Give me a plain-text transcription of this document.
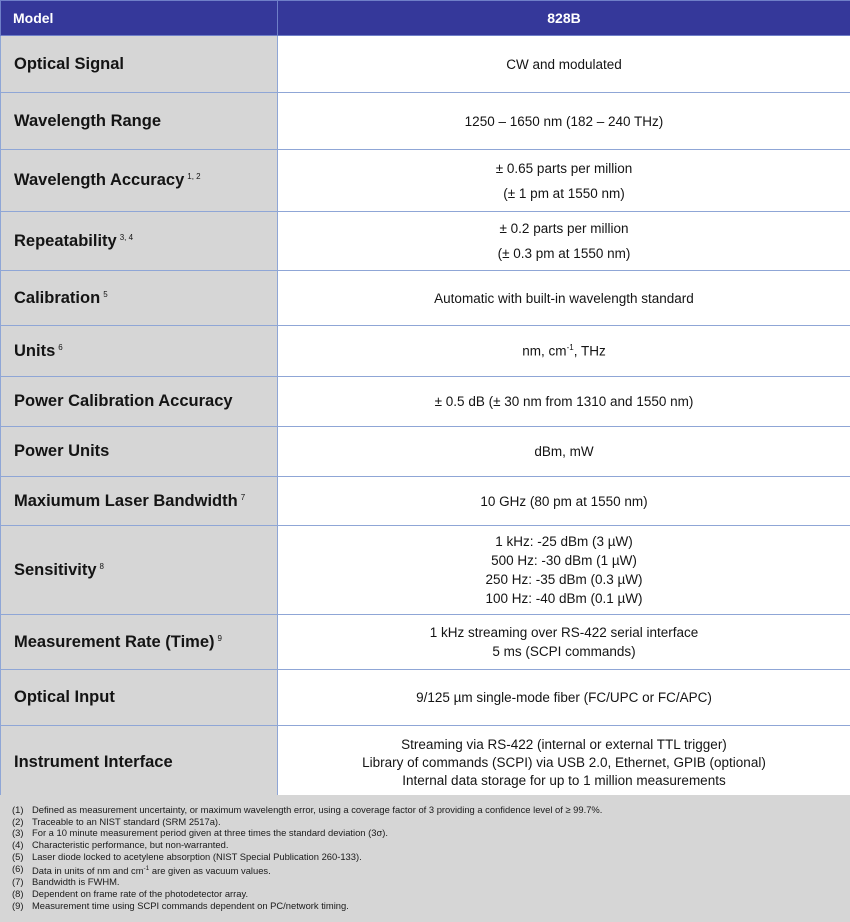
Model	828B
Optical Signal	CW and modulated

Wavelength Range	1250 – 1650 nm (182 – 240 THz)

Wavelength Accuracy $^{1, 2}$	± 0.65 parts per million
(± 1 pm at 1550 nm)

Repeatability $^{3, 4}$	± 0.2 parts per million
(± 0.3 pm at 1550 nm)

Calibration $^5$	Automatic with built-in wavelength standard

Units $^6$	nm, $cm^{-1}$, THz

Power Calibration Accuracy	± 0.5 dB (± 30 nm from 1310 and 1550 nm)

Power Units	dBm, mW

Maxiumum Laser Bandwidth $^7$	10 GHz (80 pm at 1550 nm)

Sensitivity $^8$	1 kHz: -25 dBm (3 µW)
500 Hz: -30 dBm (1 µW)
250 Hz: -35 dBm (0.3 µW)
100 Hz: -40 dBm (0.1 µW)

Measurement Rate (Time) $^9$	1 kHz streaming over RS-422 serial interface
5 ms (SCPI commands)

Optical Input	9/125 µm single-mode fiber (FC/UPC or FC/APC)

Instrument Interface	Streaming via RS-422 (internal or external TTL trigger)
Library of commands (SCPI) via USB 2.0, Ethernet, GPIB (optional)
Internal data storage for up to 1 million measurements
(1) Defined as measurement uncertainty, or maximum wavelength error, using a coverage factor of 3 providing a confidence level of ≥ 99.7%.
(2) Traceable to an NIST standard (SRM 2517a).
(3) For a 10 minute measurement period given at three times the standard deviation (3σ).
(4) Characteristic performance, but non-warranted.
(5) Laser diode locked to acetylene absorption (NIST Special Publication 260-133).
(6) Data in units of nm and $cm^{-1}$ are given as vacuum values.
(7) Bandwidth is FWHM.
(8) Dependent on frame rate of the photodetector array.
(9) Measurement time using SCPI commands dependent on PC/network timing.
